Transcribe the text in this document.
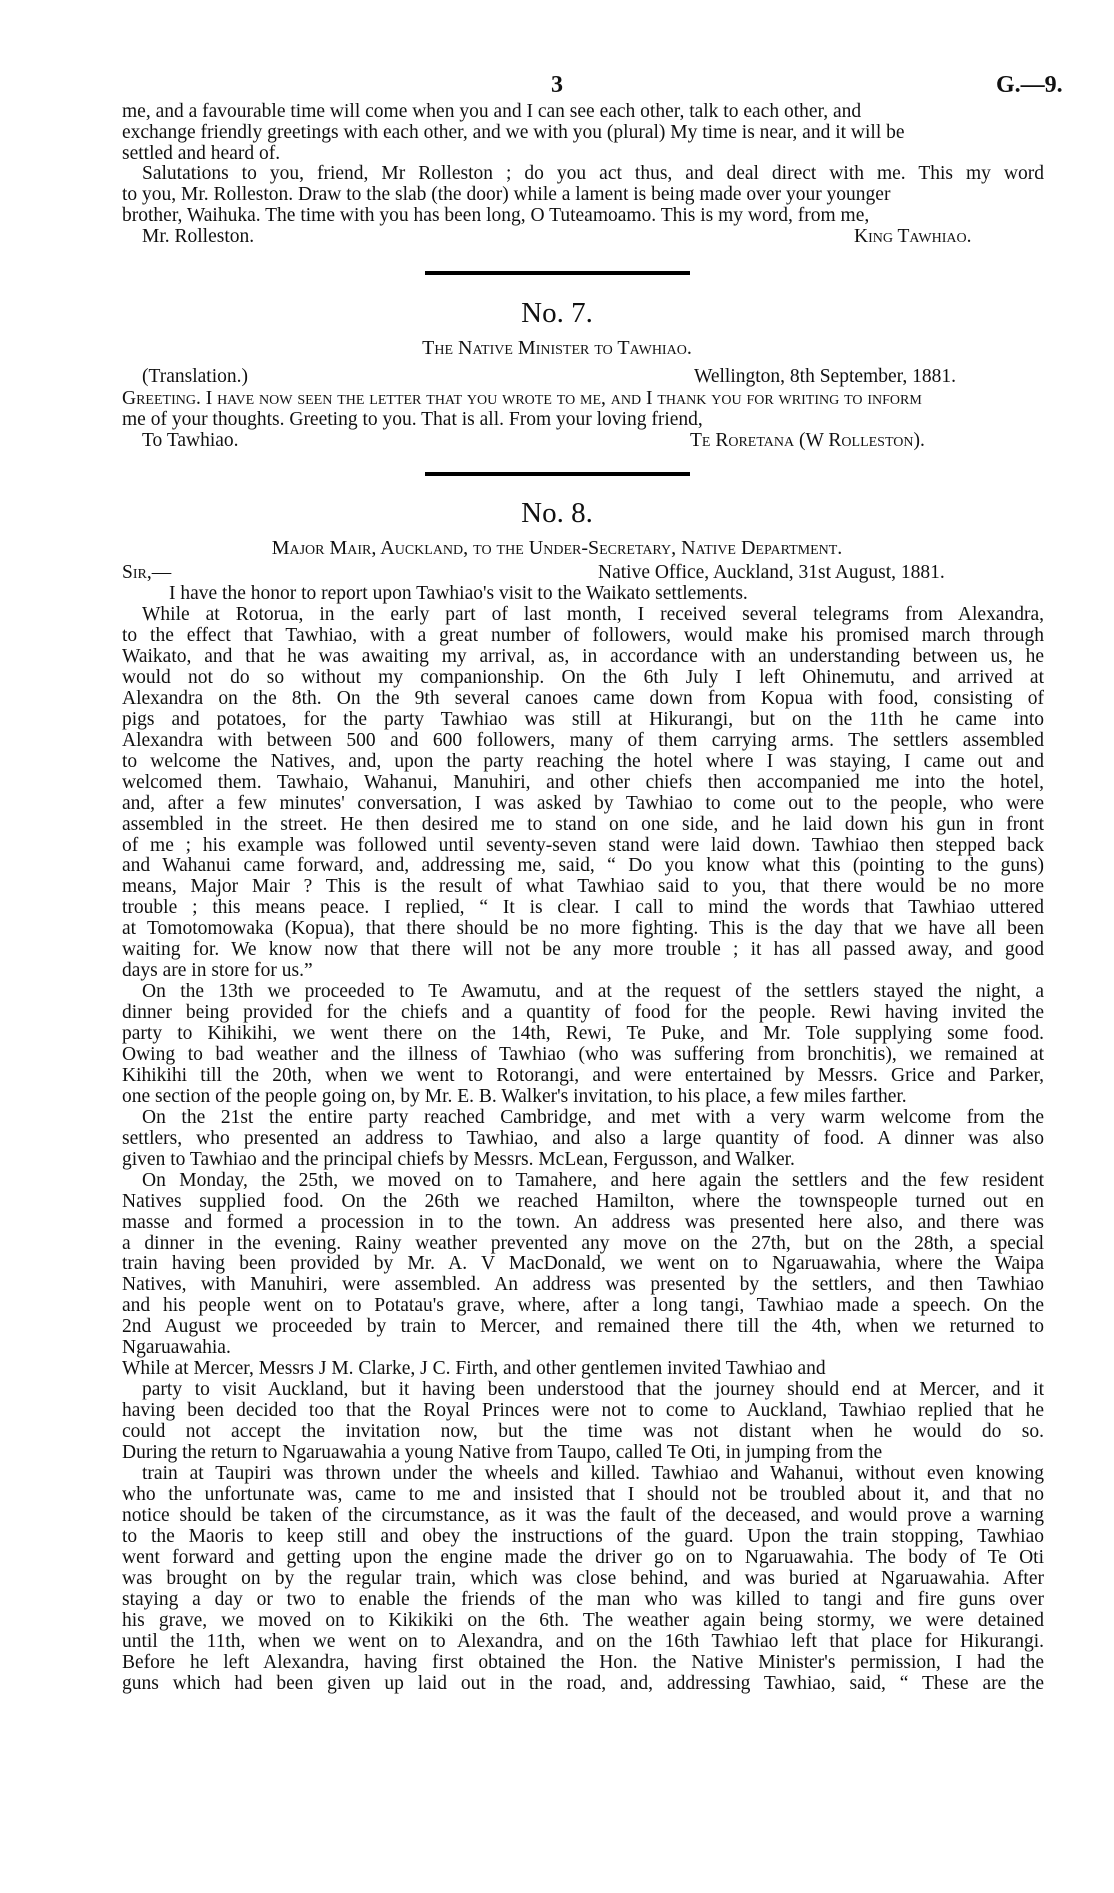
3	G.—9.
me, and a favourable time will come when you and I can see each other, talk to each other, and
exchange friendly greetings with each other, and we with you (plural) My time is near, and it will be
settled and heard of.
Salutations to you, friend, Mr Rolleston ; do you act thus, and deal direct with me. This my word
to you, Mr. Rolleston. Draw to the slab (the door) while a lament is being made over your younger
brother, Waihuka. The time with you has been long, O Tuteamoamo. This is my word, from me,
Mr. Rolleston.	King Tawhiao.
No. 7.
The Native Minister to Tawhiao.
(Translation.)	Wellington, 8th September, 1881.
Greeting. I have now seen the letter that you wrote to me, and I thank you for writing to inform
me of your thoughts. Greeting to you. That is all. From your loving friend,
To Tawhiao.	Te Roretana (W Rolleston).
No. 8.
Major Mair, Auckland, to the Under-Secretary, Native Department.
Sir,—	Native Office, Auckland, 31st August, 1881.
I have the honor to report upon Tawhiao's visit to the Waikato settlements.
While at Rotorua, in the early part of last month, I received several telegrams from Alexandra,
to the effect that Tawhiao, with a great number of followers, would make his promised march through
Waikato, and that he was awaiting my arrival, as, in accordance with an understanding between us, he
would not do so without my companionship. On the 6th July I left Ohinemutu, and arrived at
Alexandra on the 8th. On the 9th several canoes came down from Kopua with food, consisting of
pigs and potatoes, for the party Tawhiao was still at Hikurangi, but on the 11th he came into
Alexandra with between 500 and 600 followers, many of them carrying arms. The settlers assembled
to welcome the Natives, and, upon the party reaching the hotel where I was staying, I came out and
welcomed them. Tawhaio, Wahanui, Manuhiri, and other chiefs then accompanied me into the hotel,
and, after a few minutes' conversation, I was asked by Tawhiao to come out to the people, who were
assembled in the street. He then desired me to stand on one side, and he laid down his gun in front
of me ; his example was followed until seventy-seven stand were laid down. Tawhiao then stepped back
and Wahanui came forward, and, addressing me, said, “ Do you know what this (pointing to the guns)
means, Major Mair ? This is the result of what Tawhiao said to you, that there would be no more
trouble ; this means peace. I replied, “ It is clear. I call to mind the words that Tawhiao uttered
at Tomotomowaka (Kopua), that there should be no more fighting. This is the day that we have all been
waiting for. We know now that there will not be any more trouble ; it has all passed away, and good
days are in store for us.”
On the 13th we proceeded to Te Awamutu, and at the request of the settlers stayed the night, a
dinner being provided for the chiefs and a quantity of food for the people. Rewi having invited the
party to Kihikihi, we went there on the 14th, Rewi, Te Puke, and Mr. Tole supplying some food.
Owing to bad weather and the illness of Tawhiao (who was suffering from bronchitis), we remained at
Kihikihi till the 20th, when we went to Rotorangi, and were entertained by Messrs. Grice and Parker,
one section of the people going on, by Mr. E. B. Walker's invitation, to his place, a few miles farther.
On the 21st the entire party reached Cambridge, and met with a very warm welcome from the
settlers, who presented an address to Tawhiao, and also a large quantity of food. A dinner was also
given to Tawhiao and the principal chiefs by Messrs. McLean, Fergusson, and Walker.
On Monday, the 25th, we moved on to Tamahere, and here again the settlers and the few resident
Natives supplied food. On the 26th we reached Hamilton, where the townspeople turned out en
masse and formed a procession in to the town. An address was presented here also, and there was
a dinner in the evening. Rainy weather prevented any move on the 27th, but on the 28th, a special
train having been provided by Mr. A. V MacDonald, we went on to Ngaruawahia, where the Waipa
Natives, with Manuhiri, were assembled. An address was presented by the settlers, and then Tawhiao
and his people went on to Potatau's grave, where, after a long tangi, Tawhiao made a speech. On the
2nd August we proceeded by train to Mercer, and remained there till the 4th, when we returned to
Ngaruawahia.
While at Mercer, Messrs J M. Clarke, J C. Firth, and other gentlemen invited Tawhiao and
party to visit Auckland, but it having been understood that the journey should end at Mercer, and it
having been decided too that the Royal Princes were not to come to Auckland, Tawhiao replied that he
could not accept the invitation now, but the time was not distant when he would do so.
During the return to Ngaruawahia a young Native from Taupo, called Te Oti, in jumping from the
train at Taupiri was thrown under the wheels and killed. Tawhiao and Wahanui, without even knowing
who the unfortunate was, came to me and insisted that I should not be troubled about it, and that no
notice should be taken of the circumstance, as it was the fault of the deceased, and would prove a warning
to the Maoris to keep still and obey the instructions of the guard. Upon the train stopping, Tawhiao
went forward and getting upon the engine made the driver go on to Ngaruawahia. The body of Te Oti
was brought on by the regular train, which was close behind, and was buried at Ngaruawahia. After
staying a day or two to enable the friends of the man who was killed to tangi and fire guns over
his grave, we moved on to Kikikiki on the 6th. The weather again being stormy, we were detained
until the 11th, when we went on to Alexandra, and on the 16th Tawhiao left that place for Hikurangi.
Before he left Alexandra, having first obtained the Hon. the Native Minister's permission, I had the
guns which had been given up laid out in the road, and, addressing Tawhiao, said, “ These are the
